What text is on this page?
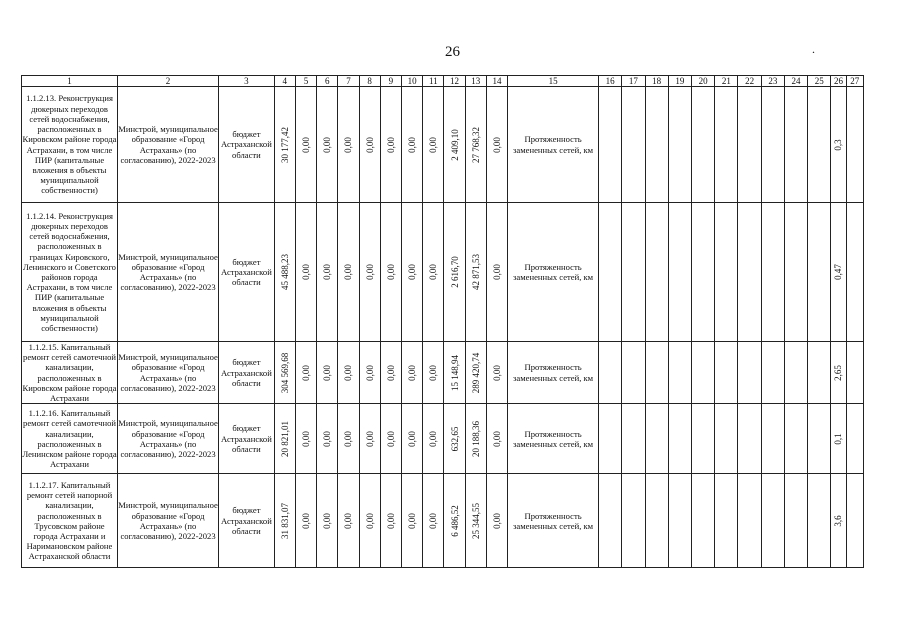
26	.
1	2	3	4	5	6	7	8	9	10	11	12	13	14	15	16	17	18	19	20	21	22	23	24	25	26	27
1.1.2.13. Реконструкция дюкерных переходов сетей водоснабжения, расположенных в Кировском районе города Астрахани, в том числе ПИР (капитальные вложения в объекты муниципальной собственности)	Минстрой, муниципальное образование «Город Астрахань» (по согласованию), 2022-2023	бюджет Астраханской области	30 177,42	0,00	0,00	0,00	0,00	0,00	0,00	0,00	2 409,10	27 768,32	0,00	Протяженность замененных сетей, км											0,3	

1.1.2.14. Реконструкция дюкерных переходов сетей водоснабжения, расположенных в границах Кировского, Ленинского и Советского районов города Астрахани, в том числе ПИР (капитальные вложения в объекты муниципальной собственности)	Минстрой, муниципальное образование «Город Астрахань» (по согласованию), 2022-2023	бюджет Астраханской области	45 488,23	0,00	0,00	0,00	0,00	0,00	0,00	0,00	2 616,70	42 871,53	0,00	Протяженность замененных сетей, км											0,47	

1.1.2.15. Капитальный ремонт сетей самотечной канализации, расположенных в Кировском районе города Астрахани	Минстрой, муниципальное образование «Город Астрахань» (по согласованию), 2022-2023	бюджет Астраханской области	304 569,68	0,00	0,00	0,00	0,00	0,00	0,00	0,00	15 148,94	289 420,74	0,00	Протяженность замененных сетей, км											2,65	

1.1.2.16. Капитальный ремонт сетей самотечной канализации, расположенных в Ленинском районе города Астрахани	Минстрой, муниципальное образование «Город Астрахань» (по согласованию), 2022-2023	бюджет Астраханской области	20 821,01	0,00	0,00	0,00	0,00	0,00	0,00	0,00	632,65	20 188,36	0,00	Протяженность замененных сетей, км											0,1	

1.1.2.17. Капитальный ремонт сетей напорной канализации, расположенных в Трусовском районе города Астрахани и Наримановском районе Астраханской области	Минстрой, муниципальное образование «Город Астрахань» (по согласованию), 2022-2023	бюджет Астраханской области	31 831,07	0,00	0,00	0,00	0,00	0,00	0,00	0,00	6 486,52	25 344,55	0,00	Протяженность замененных сетей, км											3,6	
